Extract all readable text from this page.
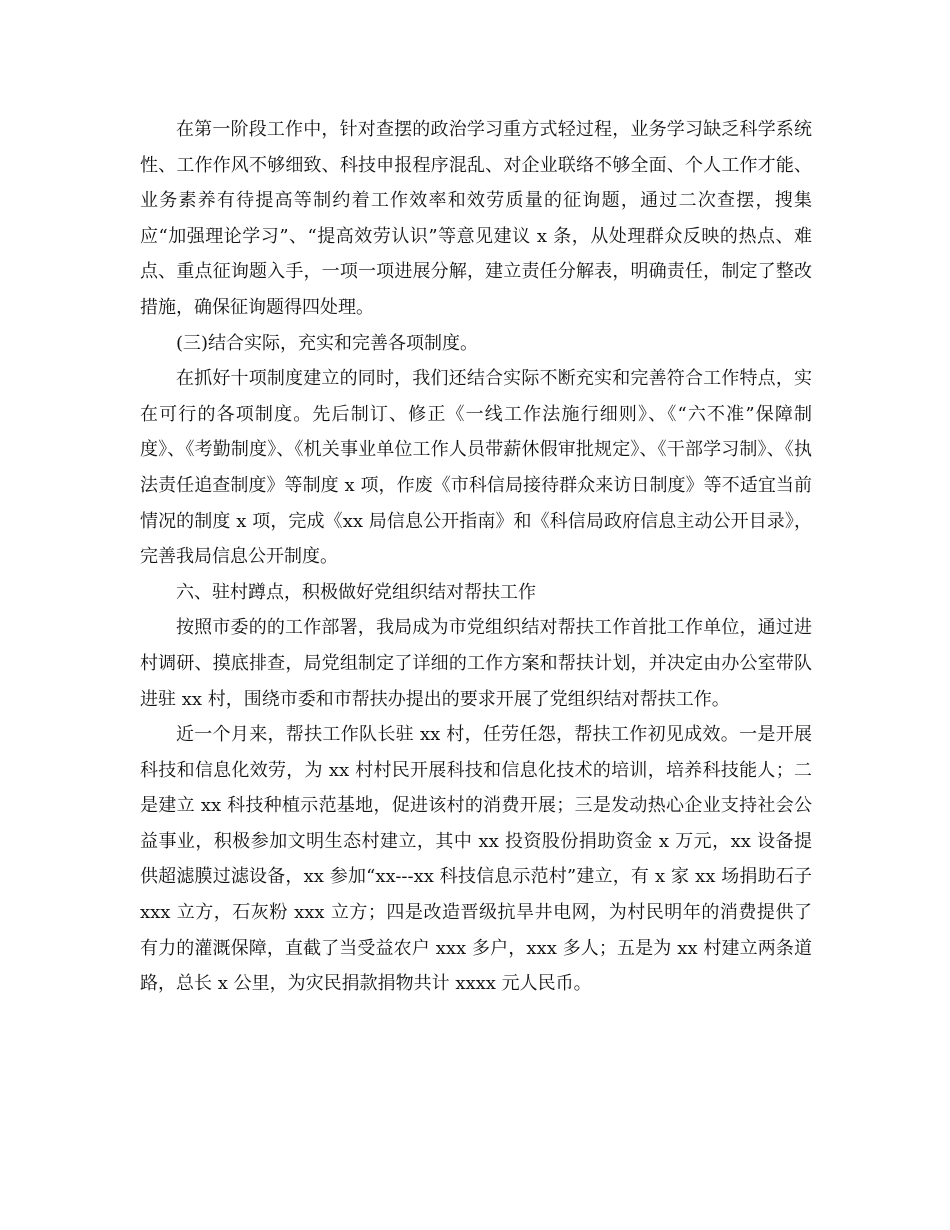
在第一阶段工作中，针对查摆的政治学习重方式轻过程，业务学习缺乏科学系统性、工作作风不够细致、科技申报程序混乱、对企业联络不够全面、个人工作才能、业务素养有待提高等制约着工作效率和效劳质量的征询题，通过二次查摆，搜集应“加强理论学习”、“提高效劳认识”等意见建议 x 条，从处理群众反映的热点、难点、重点征询题入手，一项一项进展分解，建立责任分解表，明确责任，制定了整改措施，确保征询题得四处理。

(三)结合实际，充实和完善各项制度。

在抓好十项制度建立的同时，我们还结合实际不断充实和完善符合工作特点，实在可行的各项制度。先后制订、修正《一线工作法施行细则》、《“六不准”保障制度》、《考勤制度》、《机关事业单位工作人员带薪休假审批规定》、《干部学习制》、《执法责任追查制度》等制度 x 项，作废《市科信局接待群众来访日制度》等不适宜当前情况的制度 x 项，完成《xx 局信息公开指南》和《科信局政府信息主动公开目录》，完善我局信息公开制度。

六、驻村蹲点，积极做好党组织结对帮扶工作

按照市委的的工作部署，我局成为市党组织结对帮扶工作首批工作单位，通过进村调研、摸底排查，局党组制定了详细的工作方案和帮扶计划，并决定由办公室带队进驻 xx 村，围绕市委和市帮扶办提出的要求开展了党组织结对帮扶工作。

近一个月来，帮扶工作队长驻 xx 村，任劳任怨，帮扶工作初见成效。一是开展科技和信息化效劳，为 xx 村村民开展科技和信息化技术的培训，培养科技能人；二是建立 xx 科技种植示范基地，促进该村的消费开展；三是发动热心企业支持社会公益事业，积极参加文明生态村建立，其中 xx 投资股份捐助资金 x 万元，xx 设备提供超滤膜过滤设备，xx 参加“xx---xx 科技信息示范村”建立，有 x 家 xx 场捐助石子 xxx 立方，石灰粉 xxx 立方；四是改造晋级抗旱井电网，为村民明年的消费提供了有力的灌溉保障，直截了当受益农户 xxx 多户，xxx 多人；五是为 xx 村建立两条道路，总长 x 公里，为灾民捐款捐物共计 xxxx 元人民币。
